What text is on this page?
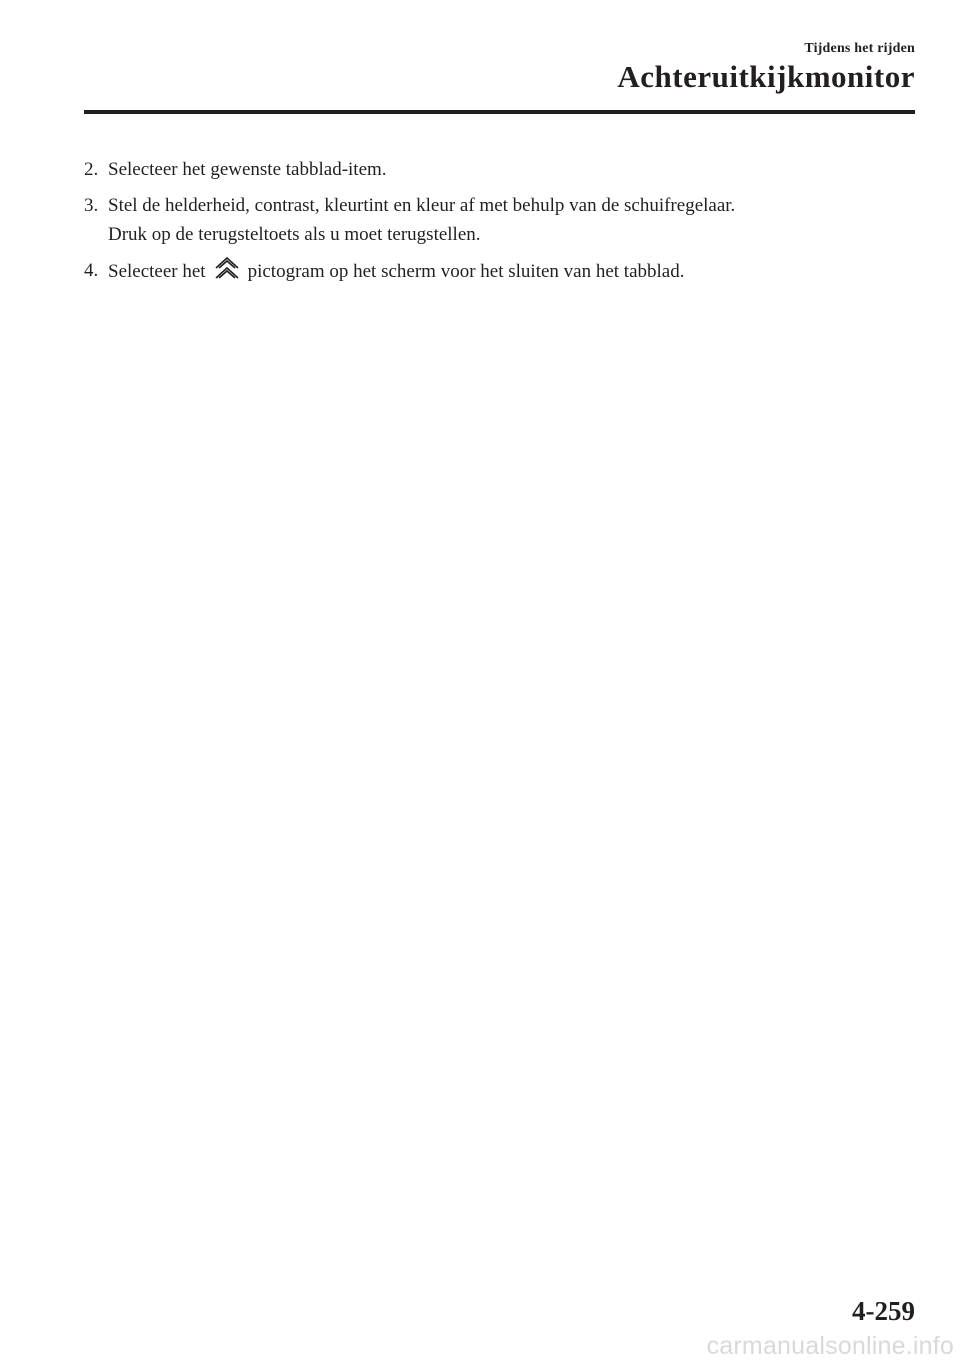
Tijdens het rijden
Achteruitkijkmonitor
2. Selecteer het gewenste tabblad-item.
3. Stel de helderheid, contrast, kleurtint en kleur af met behulp van de schuifregelaar.
Druk op de terugsteltoets als u moet terugstellen.
4. Selecteer het pictogram op het scherm voor het sluiten van het tabblad.
4-259
carmanualsonline.info
